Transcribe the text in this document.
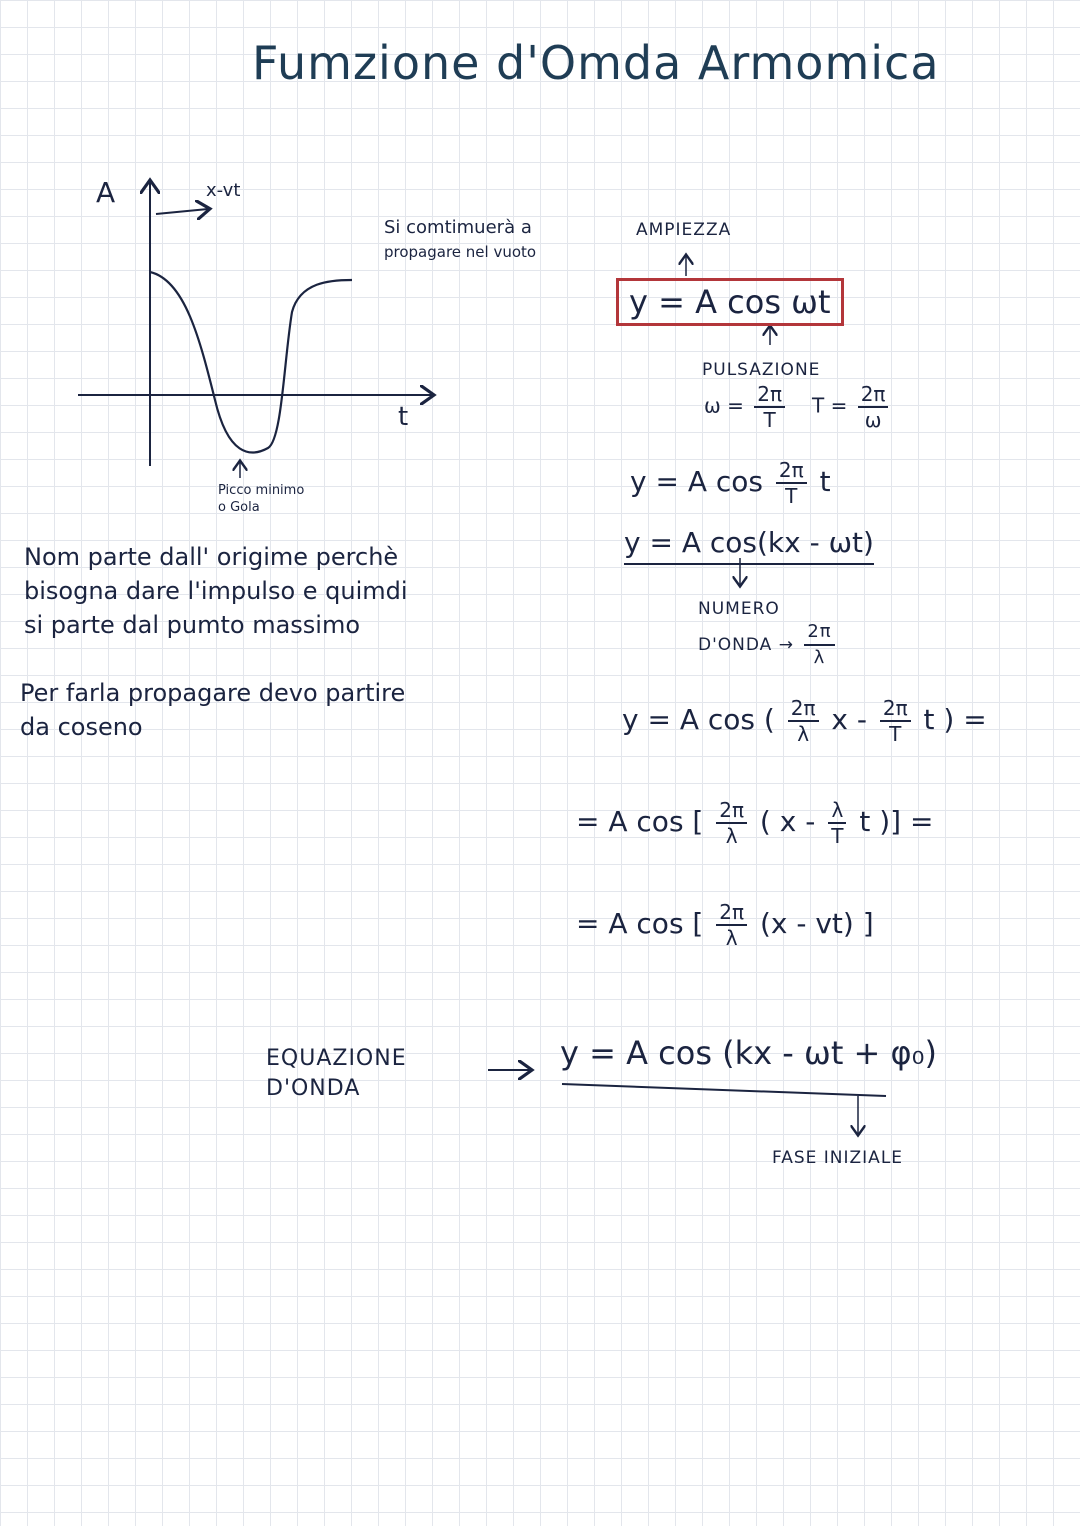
Fumzione d'Omda Armomica
A
t
x-vt
Picco minimo
o Gola
Si comtimuerà a
propagare nel vuoto
Nom parte dall' origime perchè
bisogna dare l'impulso e quimdi
si parte dal pumto massimo
Per farla propagare devo partire
da coseno
AMPIEZZA
y = A cos ωt
PULSAZIONE
$\omega = \frac{2\pi}{T}$ $T = \frac{2\pi}{\omega}$
y = A $\cos \frac{2\pi}{T}$ t
y = A cos(kx - ωt)
NUMERO
D'ONDA → $\frac{2\pi}{\lambda}$
y = A cos ( $\frac{2\pi}{\lambda}$ x - $\frac{2\pi}{T}$ t ) =
= A cos [ $\frac{2\pi}{\lambda}$ ( x - $\frac{\lambda}{T}$ t )] =
= A cos [ $\frac{2\pi}{\lambda} (x - vt)$ ]
EQUAZIONE
D'ONDA
y = A cos (kx - ωt + φ₀)
FASE INIZIALE
